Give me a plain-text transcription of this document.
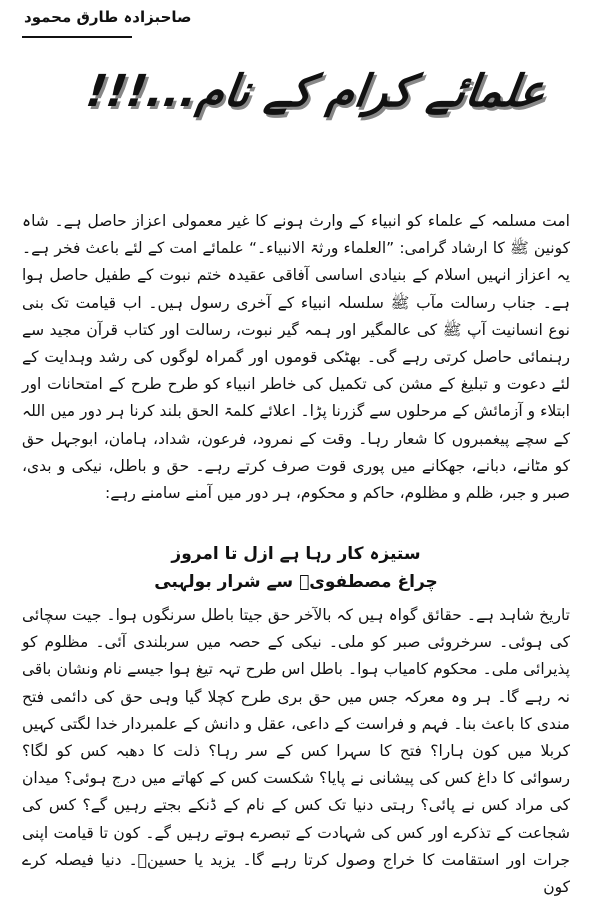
صاحبزادہ طارق محمود
علمائے کرام کے نام...!!!

امت مسلمہ کے علماء کو انبیاء کے وارث ہونے کا غیر معمولی اعزاز حاصل ہے۔ شاہ کونین ﷺ کا ارشاد گرامی: ”العلماء ورثۃ الانبیاء۔“ علمائے امت کے لئے باعث فخر ہے۔ یہ اعزاز انہیں اسلام کے بنیادی اساسی آفاقی عقیدہ ختم نبوت کے طفیل حاصل ہوا ہے۔ جناب رسالت مآب ﷺ سلسلہ انبیاء کے آخری رسول ہیں۔ اب قیامت تک بنی نوع انسانیت آپ ﷺ کی عالمگیر اور ہمہ گیر نبوت، رسالت اور کتاب قرآن مجید سے رہنمائی حاصل کرتی رہے گی۔ بھٹکی قوموں اور گمراہ لوگوں کی رشد وہدایت کے لئے دعوت و تبلیغ کے مشن کی تکمیل کی خاطر انبیاء کو طرح طرح کے امتحانات اور ابتلاء و آزمائش کے مرحلوں سے گزرنا پڑا۔ اعلائے کلمۃ الحق بلند کرنا ہر دور میں اللہ کے سچے پیغمبروں کا شعار رہا۔ وقت کے نمرود، فرعون، شداد، ہامان، ابوجہل حق کو مٹانے، دبانے، جھکانے میں پوری قوت صرف کرتے رہے۔ حق و باطل، نیکی و بدی، صبر و جبر، ظلم و مظلوم، حاکم و محکوم، ہر دور میں آمنے سامنے رہے:

ستیزہ کار رہا ہے ازل تا امروز
چراغ مصطفویؐ سے شرار بولہبی

تاریخ شاہد ہے۔ حقائق گواہ ہیں کہ بالآخر حق جیتا باطل سرنگوں ہوا۔ جیت سچائی کی ہوئی۔ سرخروئی صبر کو ملی۔ نیکی کے حصہ میں سربلندی آئی۔ مظلوم کو پذیرائی ملی۔ محکوم کامیاب ہوا۔ باطل اس طرح تہہ تیغ ہوا جیسے نام ونشان باقی نہ رہے گا۔ ہر وہ معرکہ جس میں حق بری طرح کچلا گیا وہی حق کی دائمی فتح مندی کا باعث بنا۔ فہم و فراست کے داعی، عقل و دانش کے علمبردار خدا لگتی کہیں کربلا میں کون ہارا؟ فتح کا سہرا کس کے سر رہا؟ ذلت کا دھبہ کس کو لگا؟ رسوائی کا داغ کس کی پیشانی نے پایا؟ شکست کس کے کھاتے میں درج ہوئی؟ میدان کی مراد کس نے پائی؟ رہتی دنیا تک کس کے نام کے ڈنکے بجتے رہیں گے؟ کس کی شجاعت کے تذکرے اور کس کی شہادت کے تبصرے ہوتے رہیں گے۔ کون تا قیامت اپنی جرات اور استقامت کا خراج وصول کرتا رہے گا۔ یزید یا حسینؓ۔ دنیا فیصلہ کرے کون
